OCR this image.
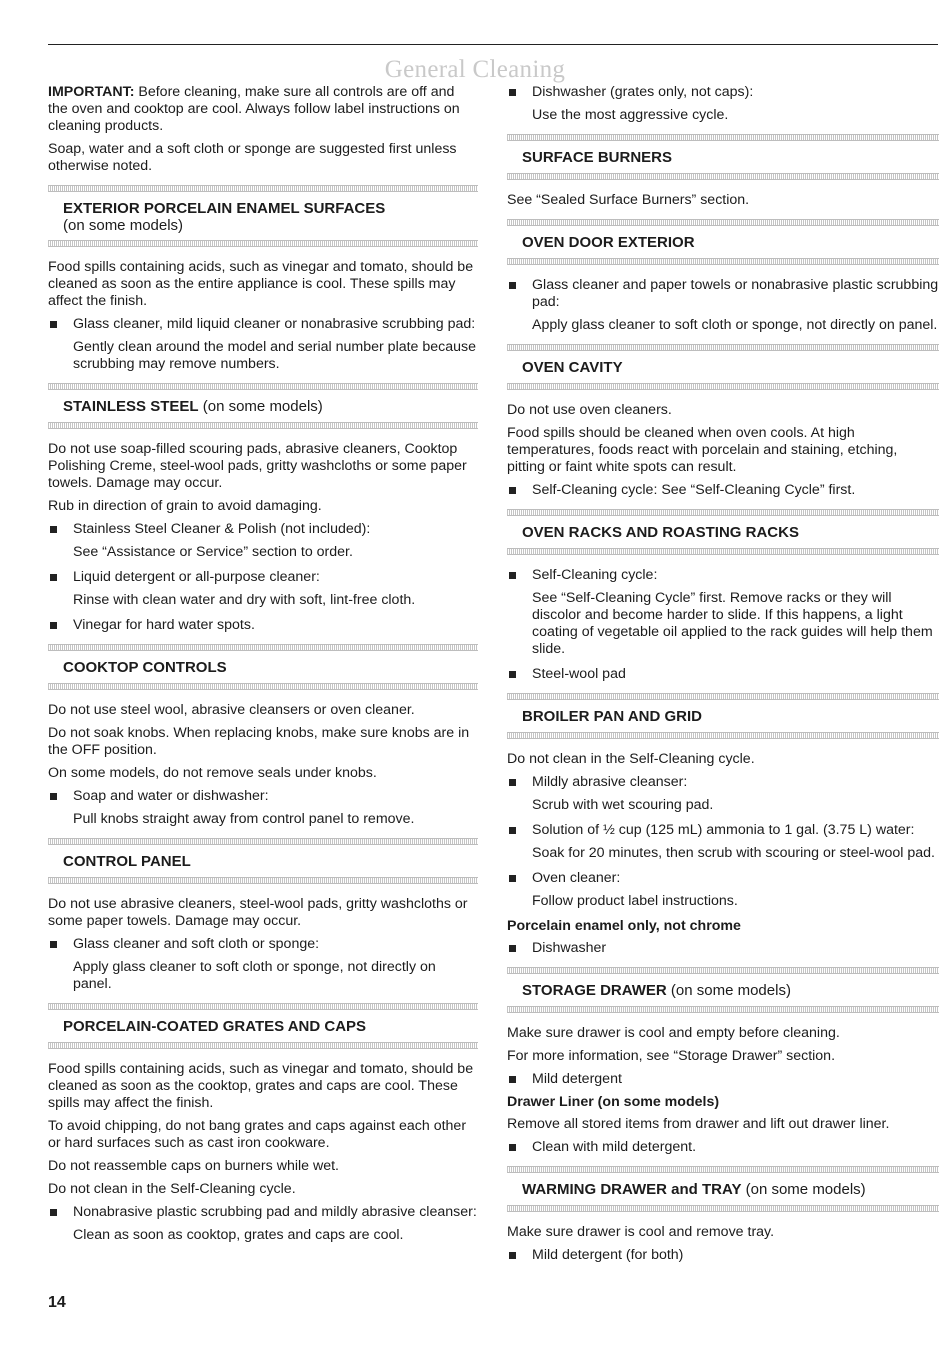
General Cleaning

IMPORTANT: Before cleaning, make sure all controls are off and the oven and cooktop are cool. Always follow label instructions on cleaning products.

Soap, water and a soft cloth or sponge are suggested first unless otherwise noted.

EXTERIOR PORCELAIN ENAMEL SURFACES
(on some models)

Food spills containing acids, such as vinegar and tomato, should be cleaned as soon as the entire appliance is cool. These spills may affect the finish.

Glass cleaner, mild liquid cleaner or nonabrasive scrubbing pad:

Gently clean around the model and serial number plate because scrubbing may remove numbers.

STAINLESS STEEL (on some models)

Do not use soap-filled scouring pads, abrasive cleaners, Cooktop Polishing Creme, steel-wool pads, gritty washcloths or some paper towels. Damage may occur.

Rub in direction of grain to avoid damaging.

Stainless Steel Cleaner & Polish (not included):

See “Assistance or Service” section to order.

Liquid detergent or all-purpose cleaner:

Rinse with clean water and dry with soft, lint-free cloth.

Vinegar for hard water spots.

COOKTOP CONTROLS

Do not use steel wool, abrasive cleansers or oven cleaner.

Do not soak knobs. When replacing knobs, make sure knobs are in the OFF position.

On some models, do not remove seals under knobs.

Soap and water or dishwasher:

Pull knobs straight away from control panel to remove.

CONTROL PANEL

Do not use abrasive cleaners, steel-wool pads, gritty washcloths or some paper towels. Damage may occur.

Glass cleaner and soft cloth or sponge:

Apply glass cleaner to soft cloth or sponge, not directly on panel.

PORCELAIN-COATED GRATES AND CAPS

Food spills containing acids, such as vinegar and tomato, should be cleaned as soon as the cooktop, grates and caps are cool. These spills may affect the finish.

To avoid chipping, do not bang grates and caps against each other or hard surfaces such as cast iron cookware.

Do not reassemble caps on burners while wet.

Do not clean in the Self-Cleaning cycle.

Nonabrasive plastic scrubbing pad and mildly abrasive cleanser:

Clean as soon as cooktop, grates and caps are cool.

Dishwasher (grates only, not caps):

Use the most aggressive cycle.

SURFACE BURNERS

See “Sealed Surface Burners” section.

OVEN DOOR EXTERIOR

Glass cleaner and paper towels or nonabrasive plastic scrubbing pad:

Apply glass cleaner to soft cloth or sponge, not directly on panel.

OVEN CAVITY

Do not use oven cleaners.

Food spills should be cleaned when oven cools. At high temperatures, foods react with porcelain and staining, etching, pitting or faint white spots can result.

Self-Cleaning cycle: See “Self-Cleaning Cycle” first.

OVEN RACKS AND ROASTING RACKS

Self-Cleaning cycle:

See “Self-Cleaning Cycle” first. Remove racks or they will discolor and become harder to slide. If this happens, a light coating of vegetable oil applied to the rack guides will help them slide.

Steel-wool pad

BROILER PAN AND GRID

Do not clean in the Self-Cleaning cycle.

Mildly abrasive cleanser:

Scrub with wet scouring pad.

Solution of ½ cup (125 mL) ammonia to 1 gal. (3.75 L) water:

Soak for 20 minutes, then scrub with scouring or steel-wool pad.

Oven cleaner:

Follow product label instructions.

Porcelain enamel only, not chrome

Dishwasher

STORAGE DRAWER (on some models)

Make sure drawer is cool and empty before cleaning.

For more information, see “Storage Drawer” section.

Mild detergent

Drawer Liner (on some models)

Remove all stored items from drawer and lift out drawer liner.

Clean with mild detergent.

WARMING DRAWER and TRAY (on some models)

Make sure drawer is cool and remove tray.

Mild detergent (for both)

14
